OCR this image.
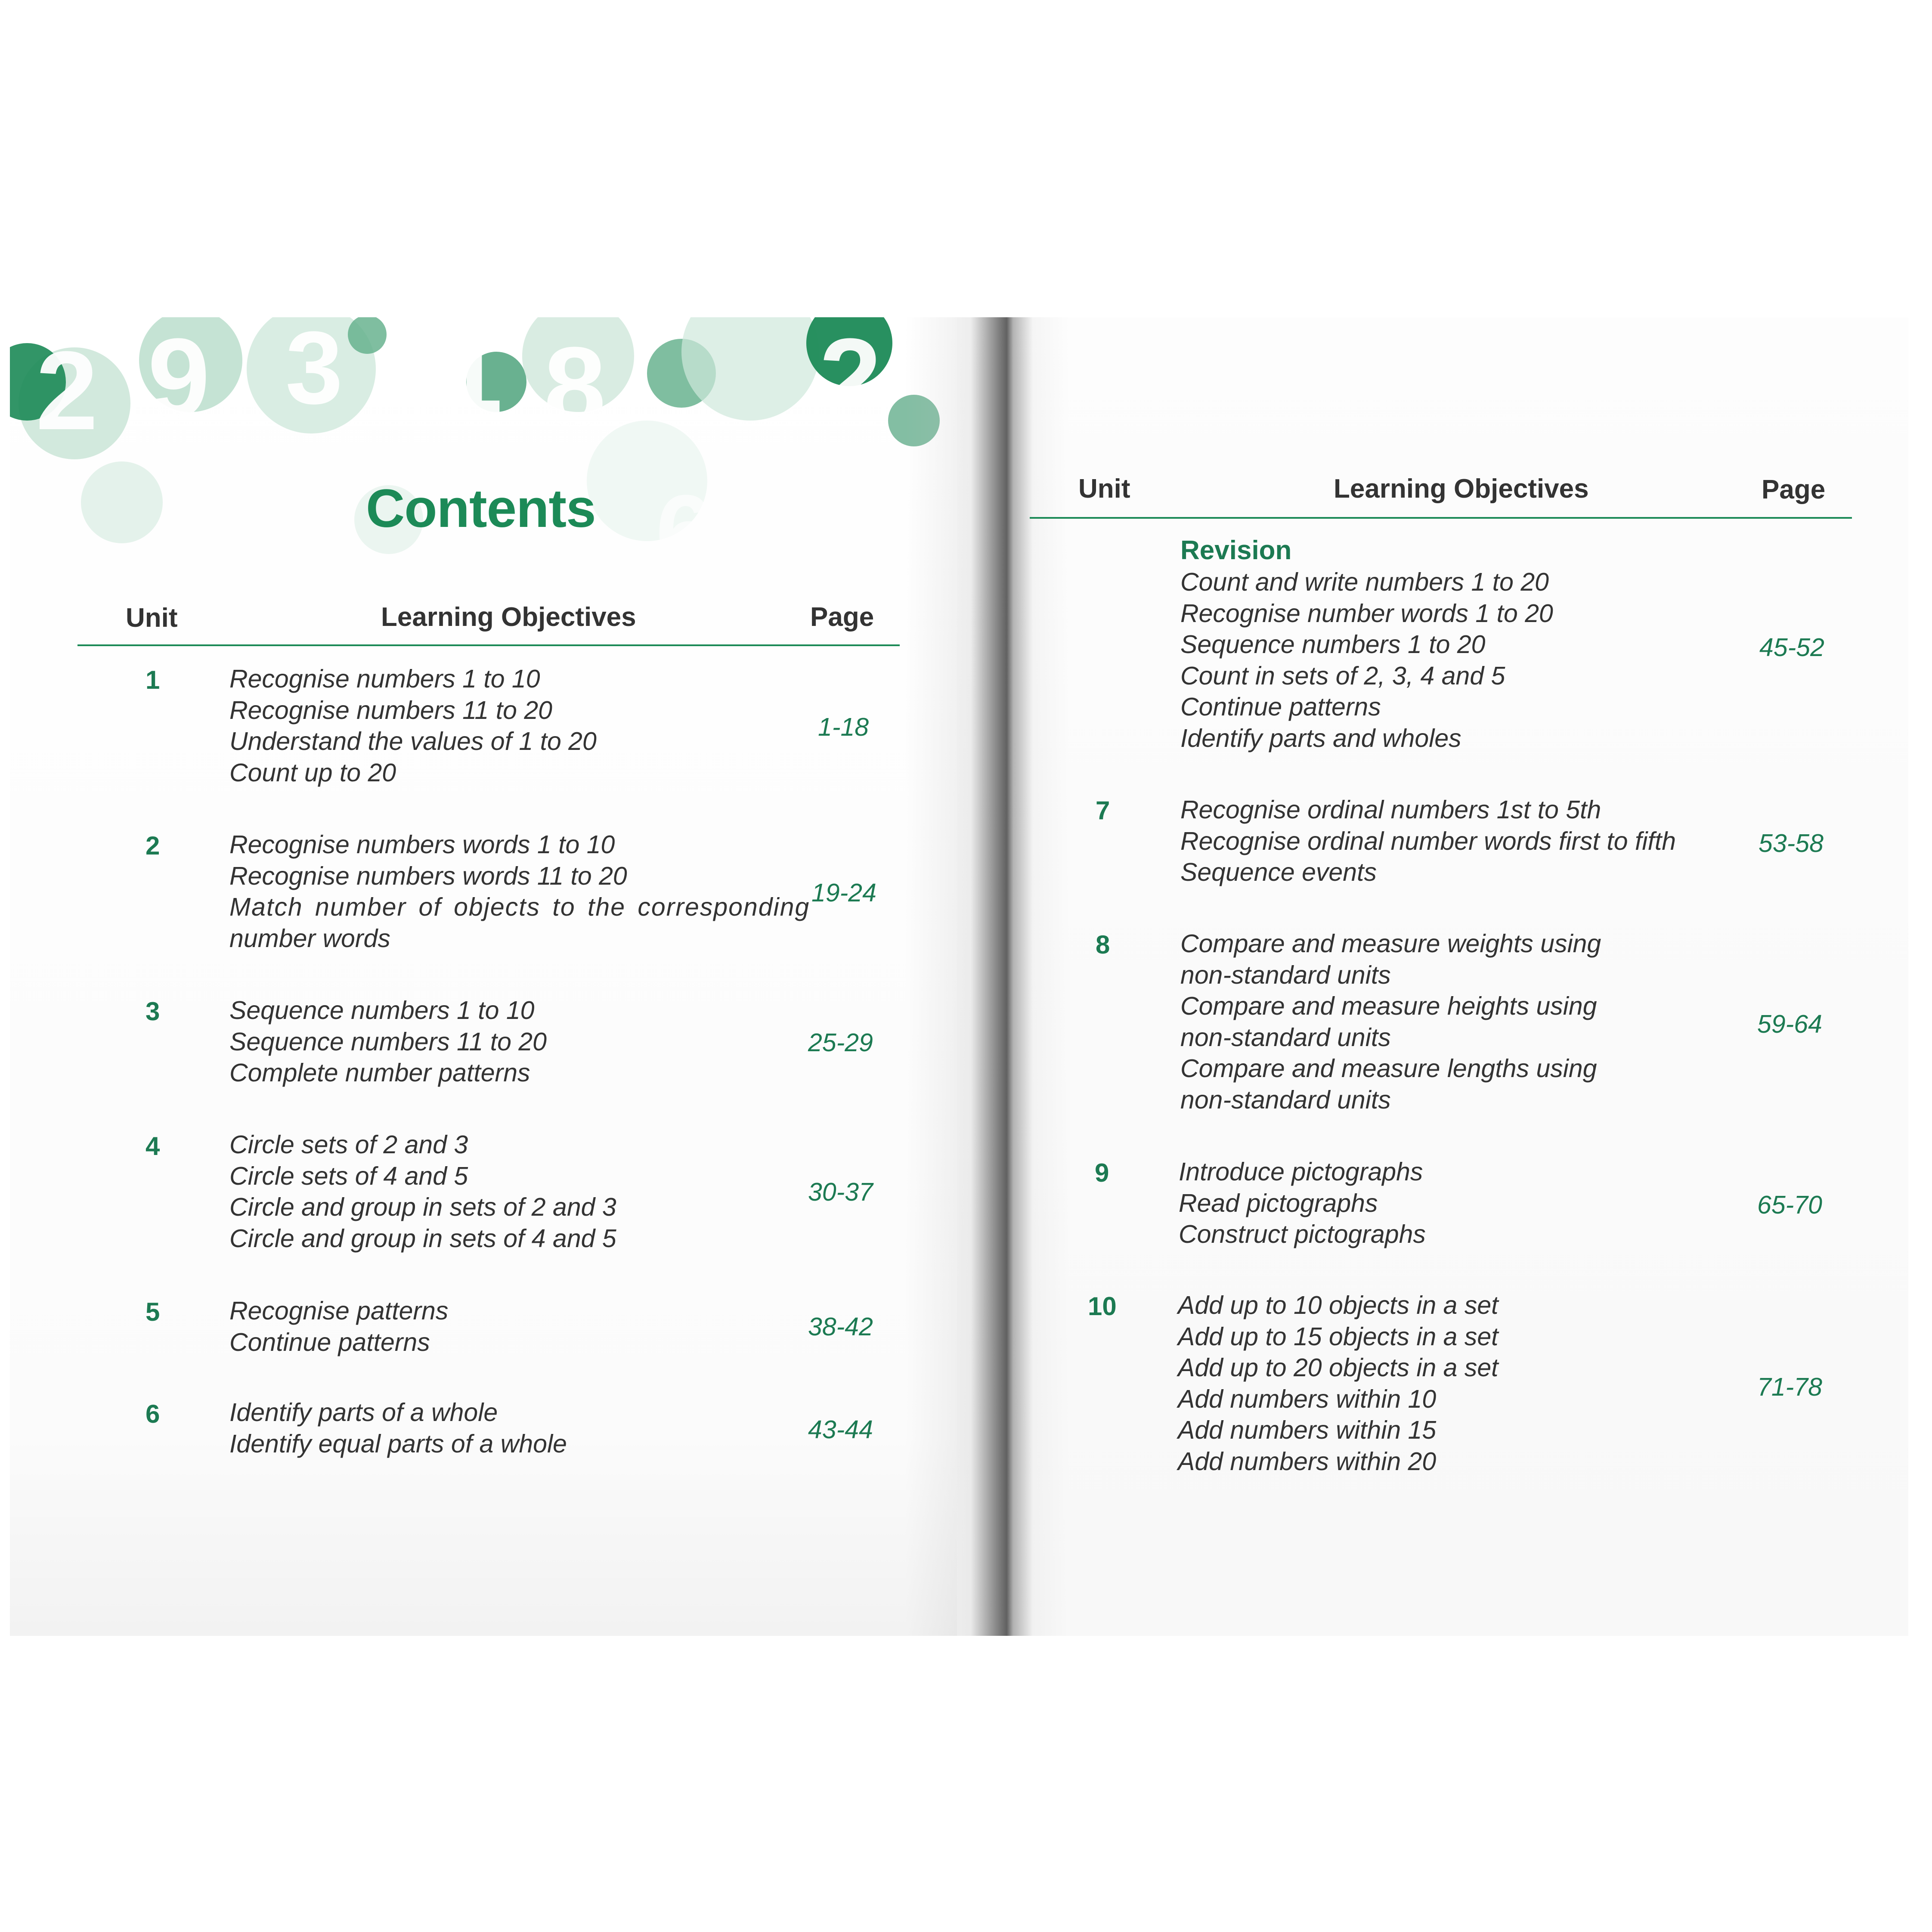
2 9 3 1 8 2
1 0	6
Contents
Unit	Learning Objectives	Page
1	Recognise numbers 1 to 10
Recognise numbers 11 to 20
Understand the values of 1 to 20
Count up to 20
1-18
2	Recognise numbers words 1 to 10
Recognise numbers words 11 to 20
Match number of objects to the corresponding
number words
19-24
3	Sequence numbers 1 to 10
Sequence numbers 11 to 20
Complete number patterns
25-29
4	Circle sets of 2 and 3
Circle sets of 4 and 5
Circle and group in sets of 2 and 3
Circle and group in sets of 4 and 5
30-37
5	Recognise patterns
Continue patterns
38-42
6	Identify parts of a whole
Identify equal parts of a whole	43-44
Unit	Learning Objectives	Page
Revision
Count and write numbers 1 to 20
Recognise number words 1 to 20
Sequence numbers 1 to 20
Count in sets of 2, 3, 4 and 5
Continue patterns
Identify parts and wholes
45-52
7	Recognise ordinal numbers 1st to 5th
Recognise ordinal number words first to fifth
Sequence events
53-58
8	Compare and measure weights using
non-standard units
Compare and measure heights using
non-standard units
Compare and measure lengths using
non-standard units
59-64
9	Introduce pictographs
Read pictographs
Construct pictographs
65-70
10 Add up to 10 objects in a set
Add up to 15 objects in a set
Add up to 20 objects in a set
Add numbers within 10
Add numbers within 15
Add numbers within 20
71-78
